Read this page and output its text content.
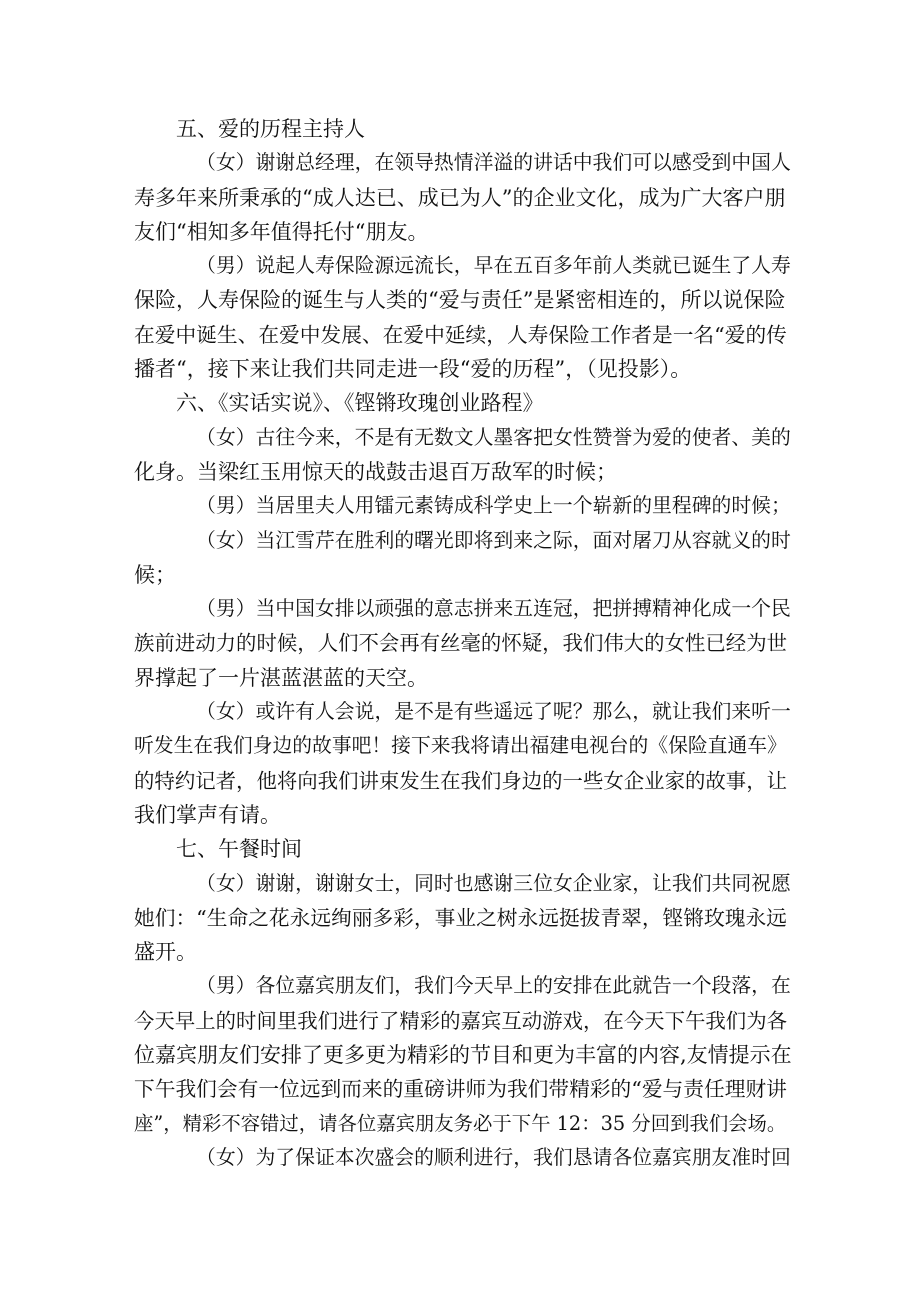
五、爱的历程主持人

（女）谢谢总经理，在领导热情洋溢的讲话中我们可以感受到中国人
寿多年来所秉承的“成人达已、成已为人”的企业文化，成为广大客户朋
友们“相知多年值得托付“朋友。

（男）说起人寿保险源远流长，早在五百多年前人类就已诞生了人寿
保险，人寿保险的诞生与人类的“爱与责任”是紧密相连的，所以说保险
在爱中诞生、在爱中发展、在爱中延续，人寿保险工作者是一名“爱的传
播者“，接下来让我们共同走进一段“爱的历程”，（见投影）。

六、《实话实说》、《铿锵玫瑰创业路程》

（女）古往今来，不是有无数文人墨客把女性赞誉为爱的使者、美的
化身。当梁红玉用惊天的战鼓击退百万敌军的时候；

（男）当居里夫人用镭元素铸成科学史上一个崭新的里程碑的时候；

（女）当江雪芹在胜利的曙光即将到来之际，面对屠刀从容就义的时
候；

（男）当中国女排以顽强的意志拼来五连冠，把拼搏精神化成一个民
族前进动力的时候，人们不会再有丝毫的怀疑，我们伟大的女性已经为世
界撑起了一片湛蓝湛蓝的天空。

（女）或许有人会说，是不是有些遥远了呢？那么，就让我们来听一
听发生在我们身边的故事吧！接下来我将请出福建电视台的《保险直通车》
的特约记者，他将向我们讲束发生在我们身边的一些女企业家的故事，让
我们掌声有请。

七、午餐时间

（女）谢谢，谢谢女士，同时也感谢三位女企业家，让我们共同祝愿
她们：“生命之花永远绚丽多彩，事业之树永远挺拔青翠，铿锵玫瑰永远
盛开。

（男）各位嘉宾朋友们，我们今天早上的安排在此就告一个段落，在
今天早上的时间里我们进行了精彩的嘉宾互动游戏，在今天下午我们为各
位嘉宾朋友们安排了更多更为精彩的节目和更为丰富的内容,友情提示在
下午我们会有一位远到而来的重磅讲师为我们带精彩的“爱与责任理财讲
座”，精彩不容错过，请各位嘉宾朋友务必于下午 12：35 分回到我们会场。

（女）为了保证本次盛会的顺利进行，我们恳请各位嘉宾朋友准时回
